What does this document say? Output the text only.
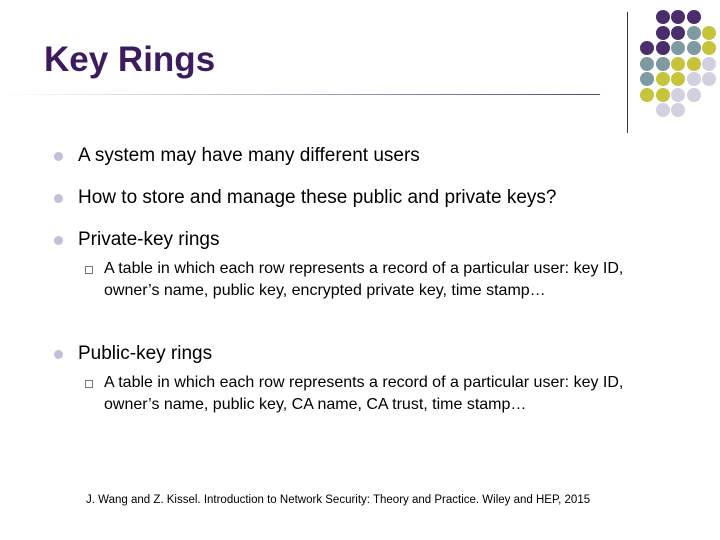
Key Rings
A system may have many different users
How to store and manage these public and private keys?
Private-key rings
A table in which each row represents a record of a particular user: key ID, owner’s name, public key, encrypted private key, time stamp…
Public-key rings
A table in which each row represents a record of a particular user: key ID, owner’s name, public key, CA name, CA trust, time stamp…
J. Wang and Z. Kissel. Introduction to Network Security: Theory and Practice. Wiley and HEP, 2015
